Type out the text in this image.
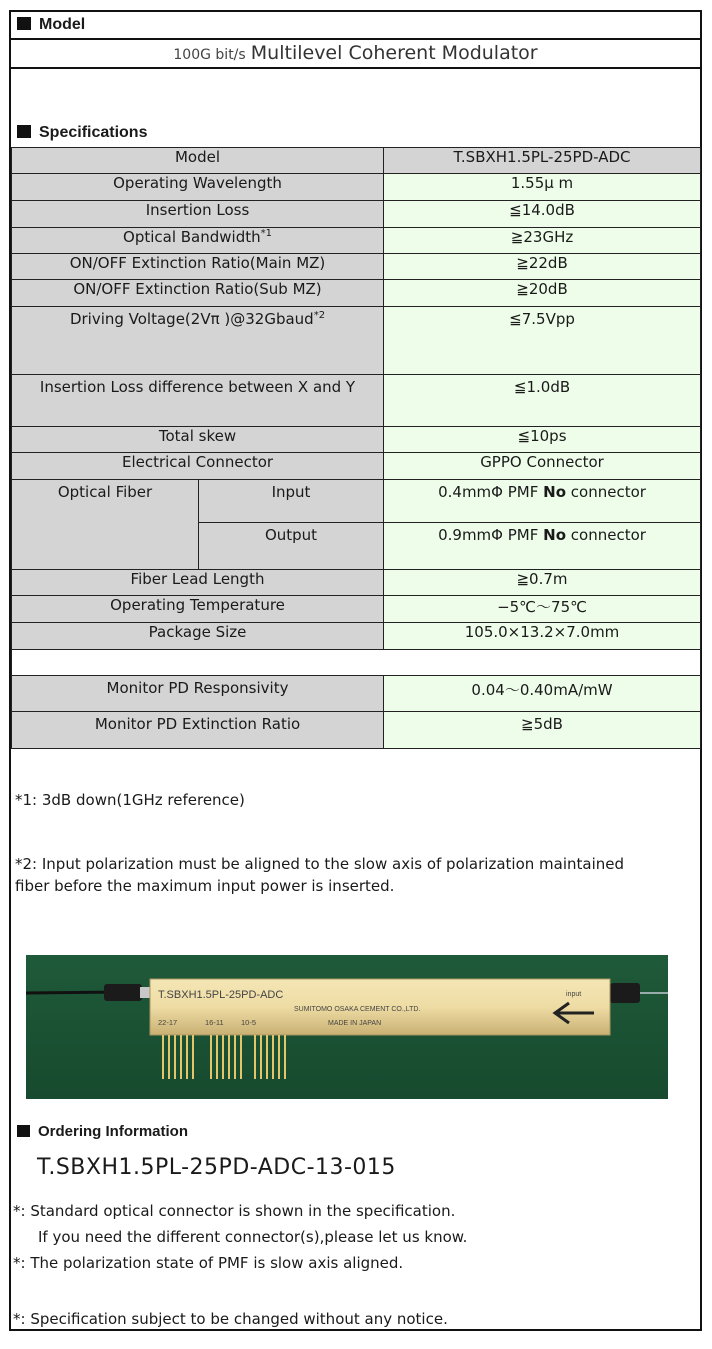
Model
100G bit/s Multilevel Coherent Modulator
Specifications
Model		T.SBXH1.5PL-25PD-ADC
Operating Wavelength		1.55μ m
Insertion Loss		≦14.0dB
Optical Bandwidth$^{*1}$		≧23GHz
ON/OFF Extinction Ratio(Main MZ)		≧22dB
ON/OFF Extinction Ratio(Sub MZ)		≧20dB

Driving Voltage(2Vπ )@32Gbaud$^{*2}$		≦7.5Vpp

Insertion Loss difference between X and Y		≦1.0dB

Total skew		≦10ps
Electrical Connector		GPPO Connector

Optical Fiber	Input	0.4mmΦ PMF No connector

	Output	0.9mmΦ PMF No connector

Fiber Lead Length		≧0.7m
Operating Temperature		−5℃〜75℃
Package Size		105.0×13.2×7.0mm

Monitor PD Responsivity		0.04〜0.40mA/mW

Monitor PD Extinction Ratio		≧5dB
*1: 3dB down(1GHz reference)
*2: Input polarization must be aligned to the slow axis of polarization maintained
fiber before the maximum input power is inserted.
T.SBXH1.5PL-25PD-ADC
SUMITOMO OSAKA CEMENT CO.,LTD.
MADE IN JAPAN
22-17	16-11 10-5
input
Ordering Information
T.SBXH1.5PL-25PD-ADC-13-015
*: Standard optical connector is shown in the specification.
If you need the different connector(s),please let us know.
*: The polarization state of PMF is slow axis aligned.
*: Specification subject to be changed without any notice.
